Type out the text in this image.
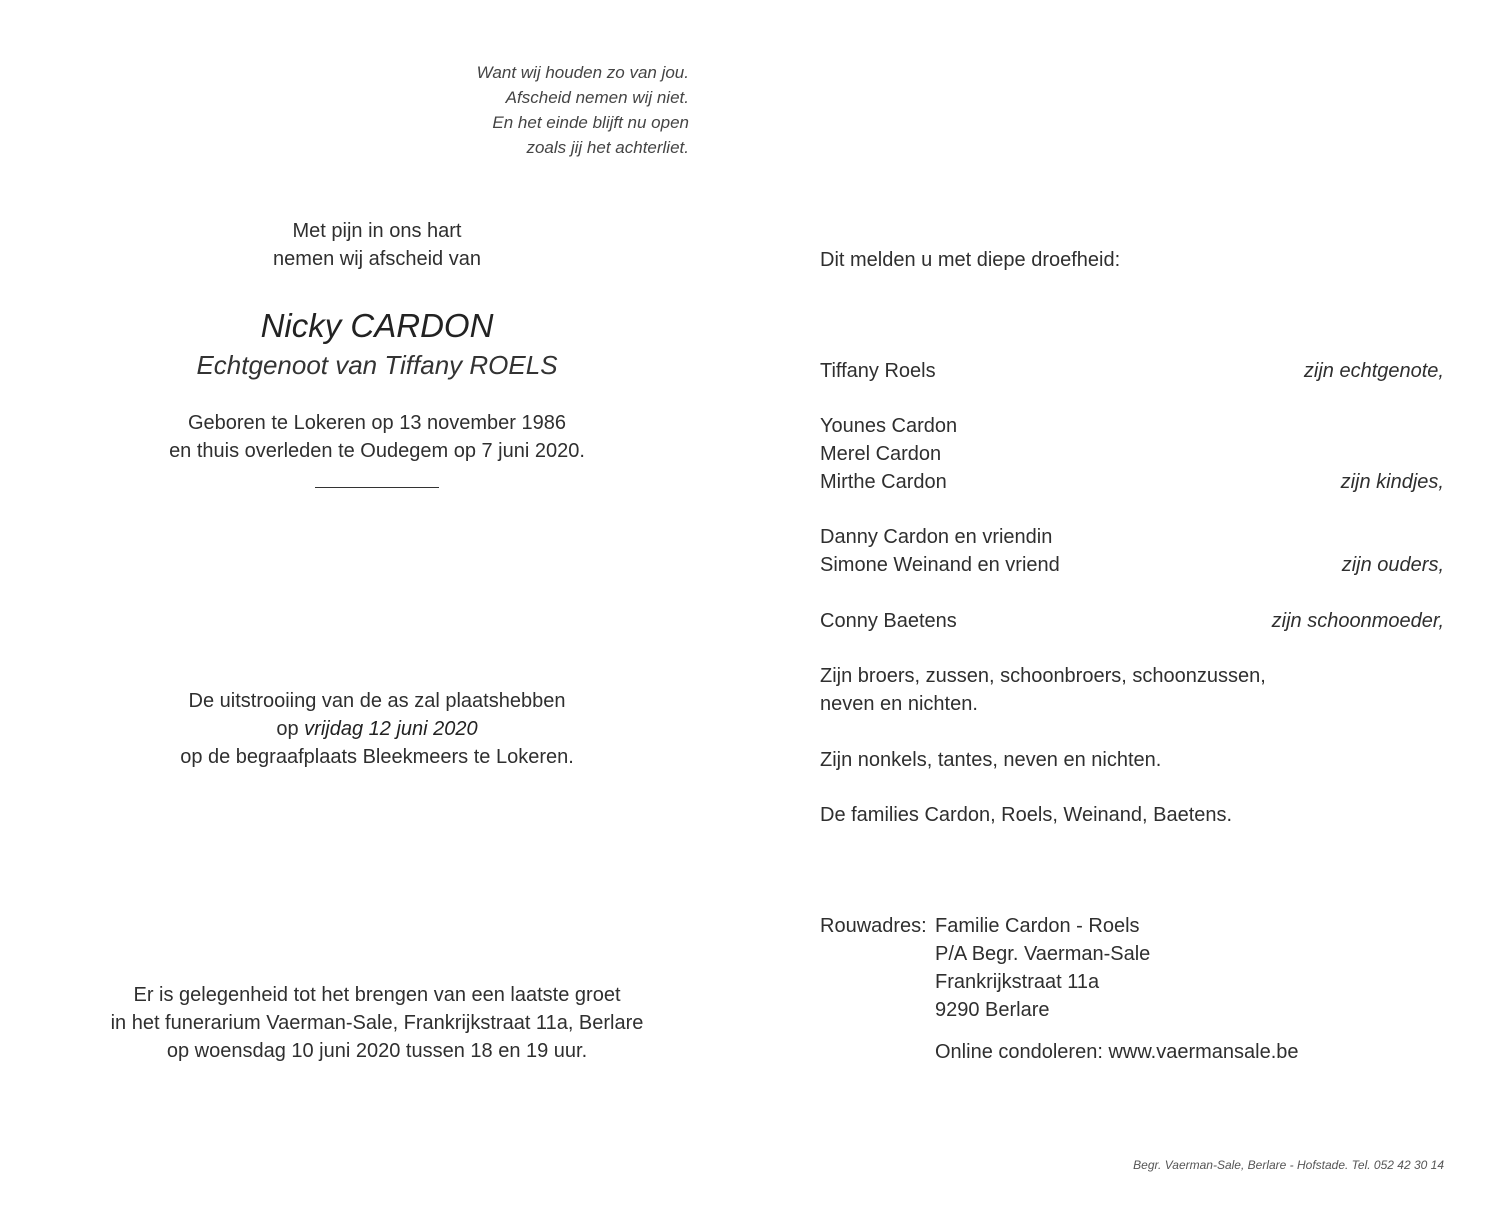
Want wij houden zo van jou.
Afscheid nemen wij niet.
En het einde blijft nu open
zoals jij het achterliet.
Met pijn in ons hart
nemen wij afscheid van
Nicky CARDON
Echtgenoot van Tiffany ROELS
Geboren te Lokeren op 13 november 1986
en thuis overleden te Oudegem op 7 juni 2020.
De uitstrooiing van de as zal plaatshebben
op vrijdag 12 juni 2020
op de begraafplaats Bleekmeers te Lokeren.
Er is gelegenheid tot het brengen van een laatste groet
in het funerarium Vaerman-Sale, Frankrijkstraat 11a, Berlare
op woensdag 10 juni 2020 tussen 18 en 19 uur.
Dit melden u met diepe droefheid:
Tiffany Roels	zijn echtgenote,
Younes Cardon
Merel Cardon
Mirthe Cardon	zijn kindjes,
Danny Cardon en vriendin
Simone Weinand en vriend	zijn ouders,
Conny Baetens	zijn schoonmoeder,
Zijn broers, zussen, schoonbroers, schoonzussen,
neven en nichten.
Zijn nonkels, tantes, neven en nichten.
De families Cardon, Roels, Weinand, Baetens.
Rouwadres: Familie Cardon - Roels
P/A Begr. Vaerman-Sale
Frankrijkstraat 11a
9290 Berlare
Online condoleren: www.vaermansale.be
Begr. Vaerman-Sale, Berlare - Hofstade. Tel. 052 42 30 14
